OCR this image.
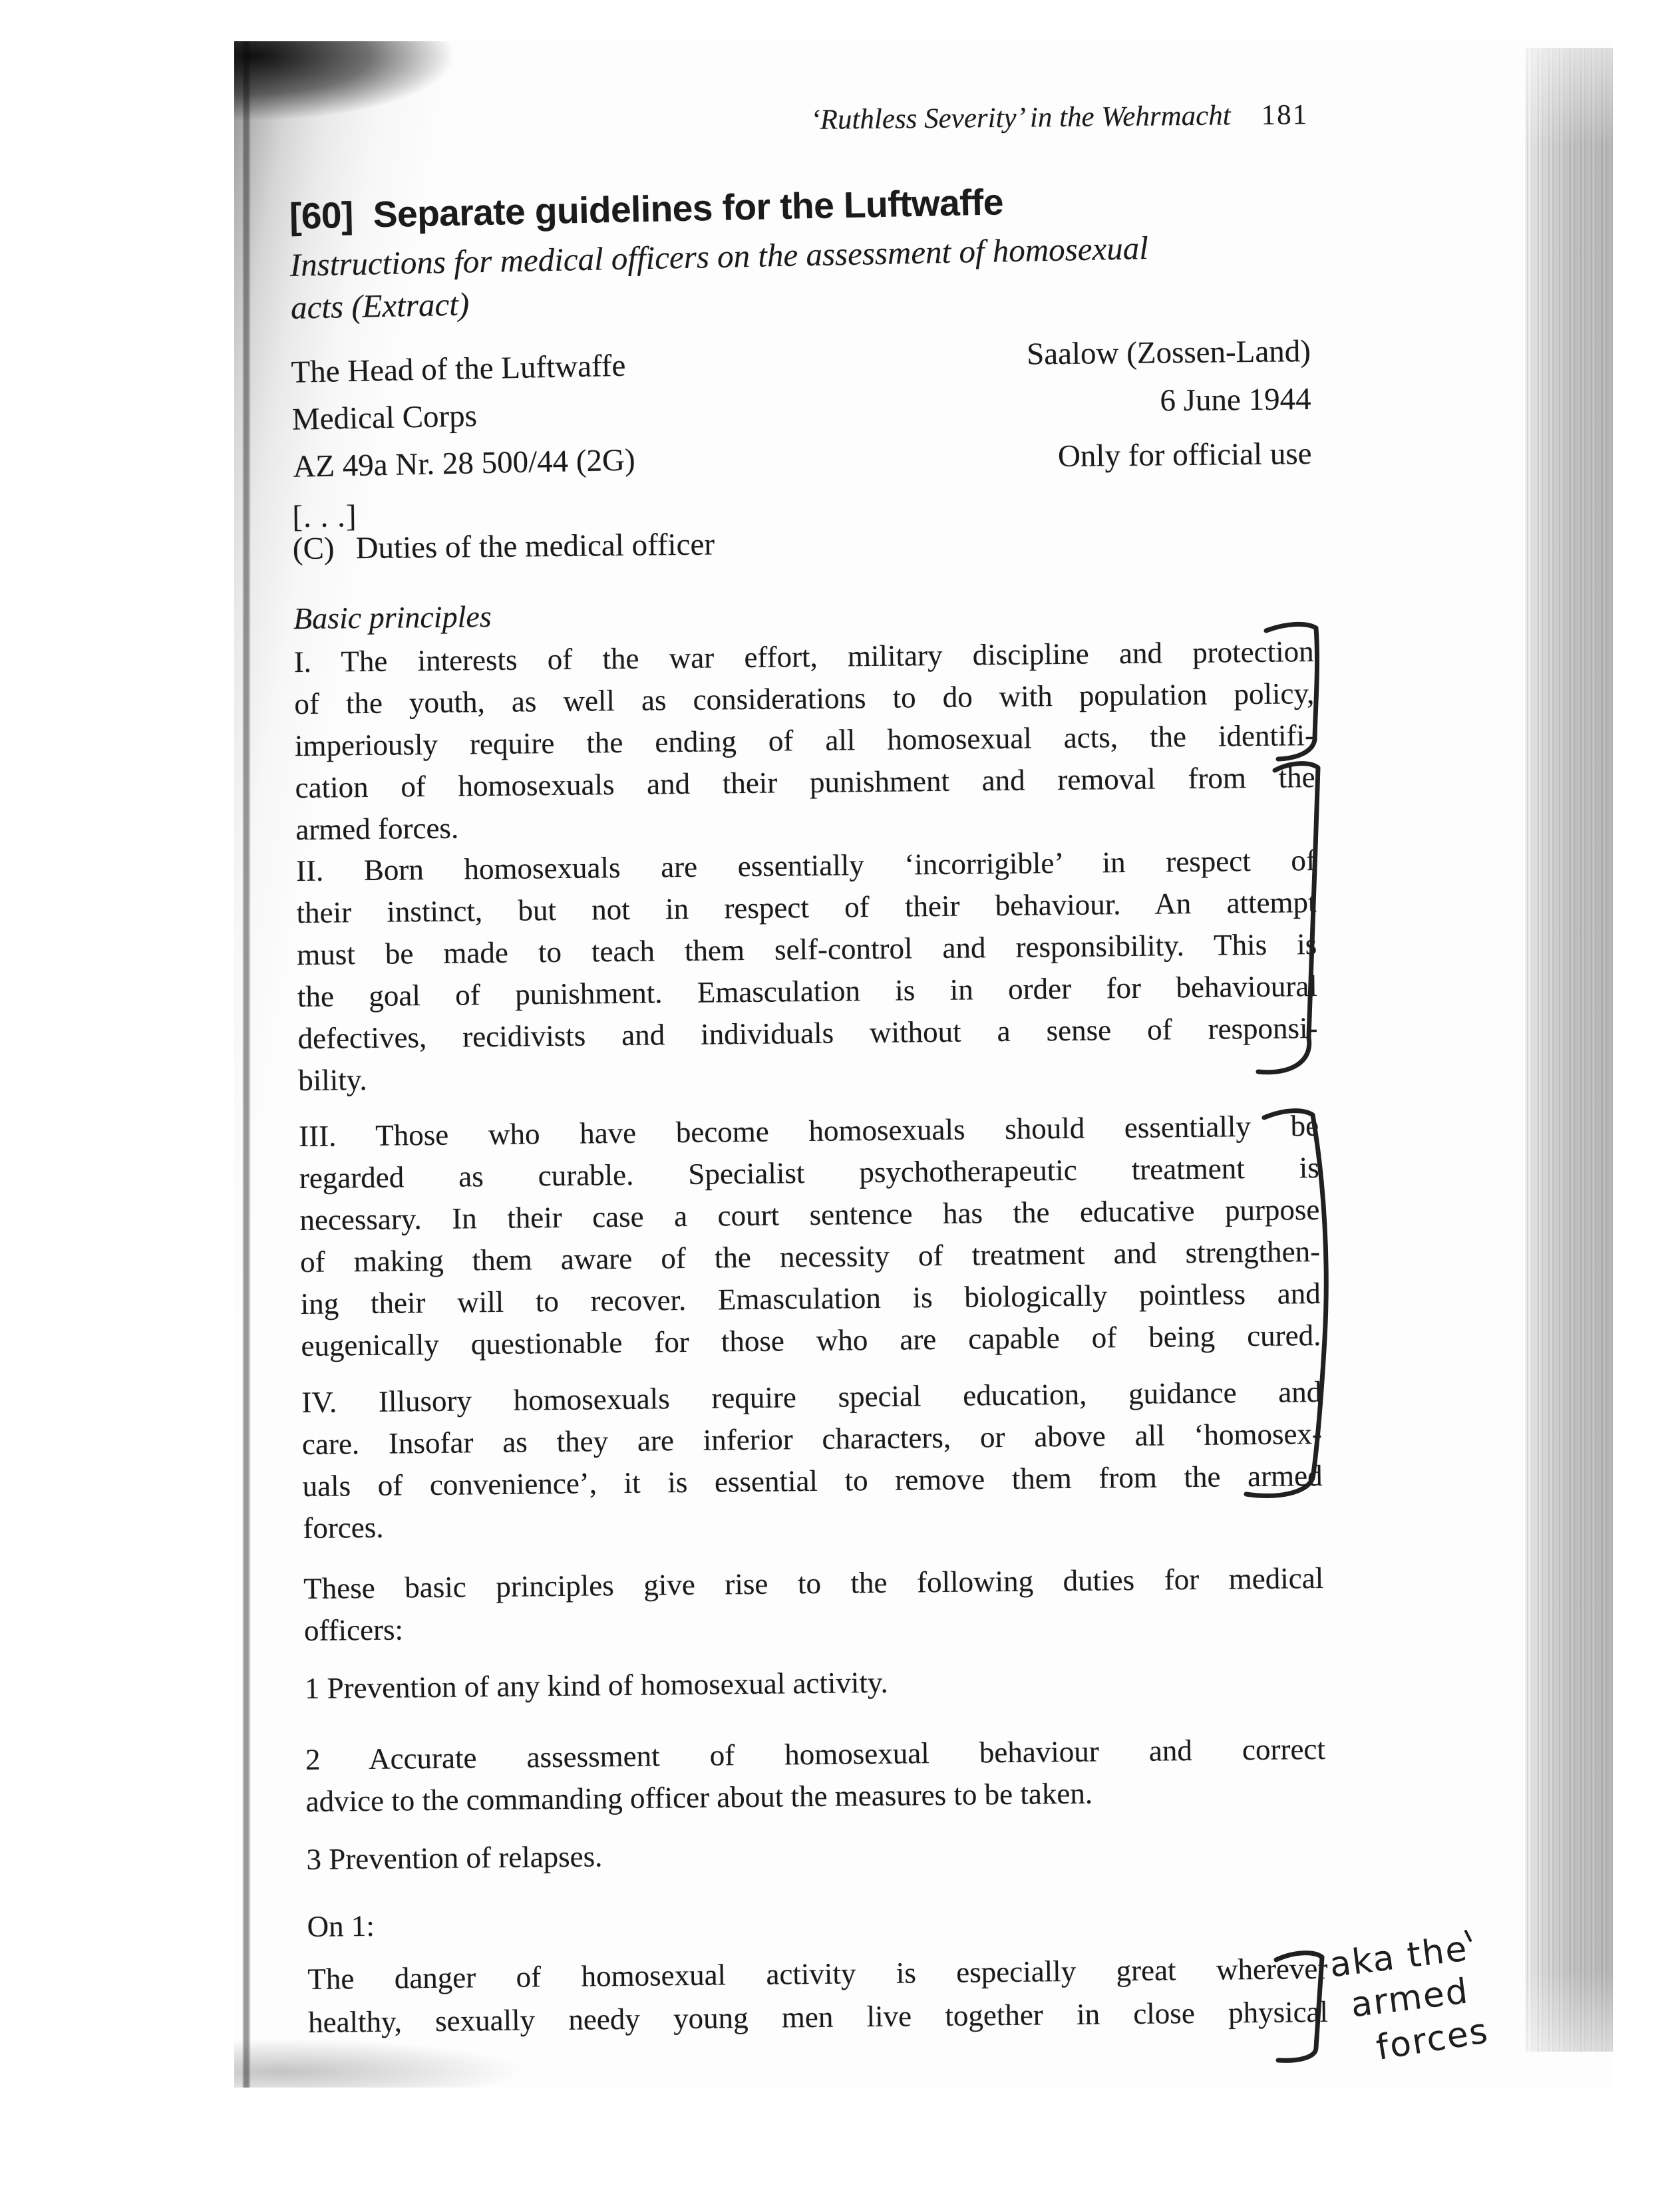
‘Ruthless Severity’ in the Wehrmacht 181
[60] Separate guidelines for the Luftwaffe
Instructions for medical officers on the assessment of homosexual
acts (Extract)
The Head of the Luftwaffe
Medical Corps
AZ 49a Nr. 28 500/44 (2G)
Saalow (Zossen-Land)
6 June 1944
Only for official use
[. . .]
(C) Duties of the medical officer
Basic principles
I. The interests of the war effort, military discipline and protection
of the youth, as well as considerations to do with population policy,
imperiously require the ending of all homosexual acts, the identifi-
cation of homosexuals and their punishment and removal from the
armed forces.
II. Born homosexuals are essentially ‘incorrigible’ in respect of
their instinct, but not in respect of their behaviour. An attempt
must be made to teach them self-control and responsibility. This is
the goal of punishment. Emasculation is in order for behavioural
defectives, recidivists and individuals without a sense of responsi-
bility.
III. Those who have become homosexuals should essentially be
regarded as curable. Specialist psychotherapeutic treatment is
necessary. In their case a court sentence has the educative purpose
of making them aware of the necessity of treatment and strengthen-
ing their will to recover. Emasculation is biologically pointless and
eugenically questionable for those who are capable of being cured.
IV. Illusory homosexuals require special education, guidance and
care. Insofar as they are inferior characters, or above all ‘homosex-
uals of convenience’, it is essential to remove them from the armed
forces.
These basic principles give rise to the following duties for medical
officers:
1 Prevention of any kind of homosexual activity.
2 Accurate assessment of homosexual behaviour and correct
advice to the commanding officer about the measures to be taken.
3 Prevention of relapses.
On 1:
The danger of homosexual activity is especially great wherever
healthy, sexually needy young men live together in close physical
aka the
armed
forces
